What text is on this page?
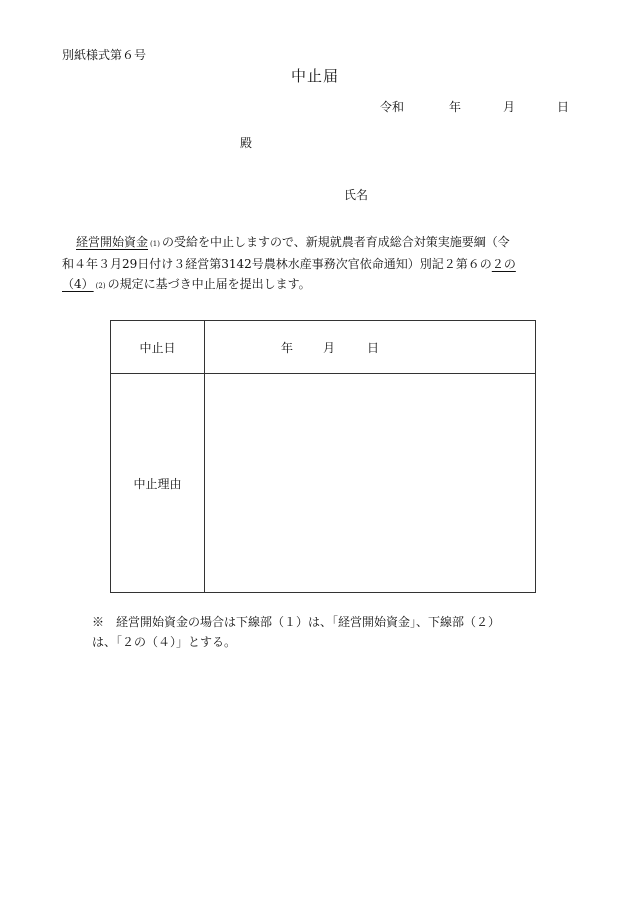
別紙様式第６号
中止届
令和	年	月	日
殿
氏名
経営開始資金 (1) の受給を中止しますので、新規就農者育成総合対策実施要綱（令
和４年３月29日付け３経営第3142号農林水産事務次官依命通知）別記２第６の２の
（4） (2) の規定に基づき中止届を提出します。
中止日	年 月 日
中止理由	
※　経営開始資金の場合は下線部（１）は、「経営開始資金」、下線部（２）
は、「２の（４）」とする。
